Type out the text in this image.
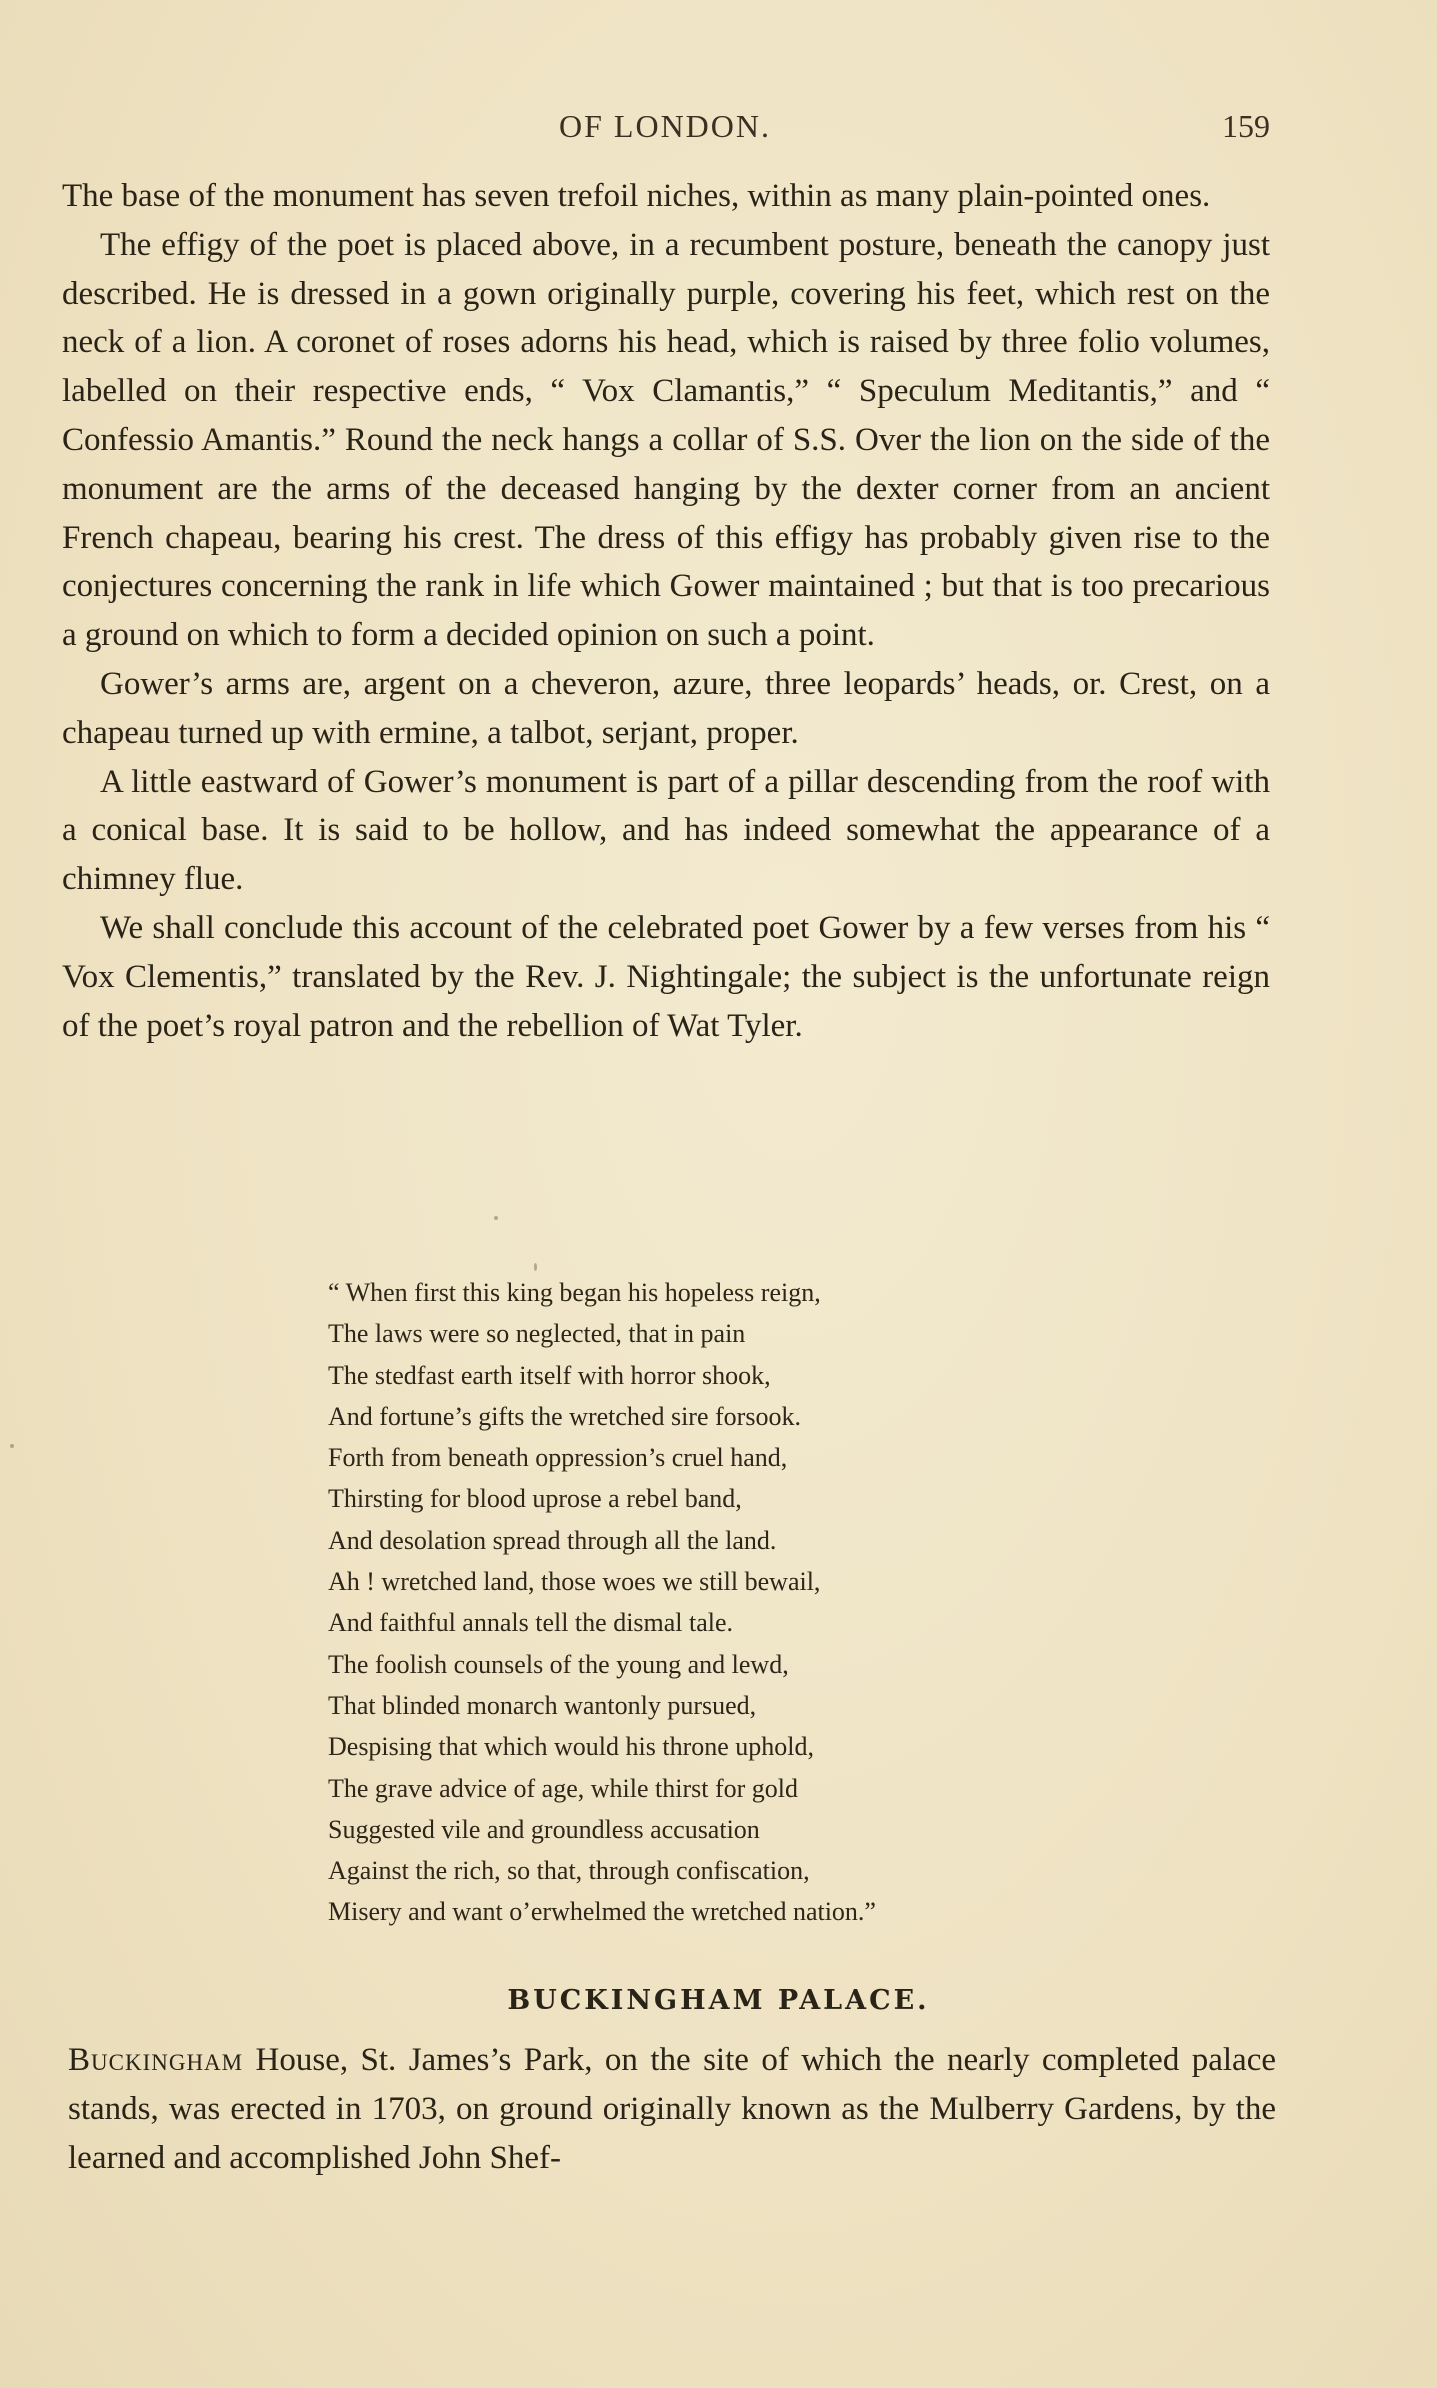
OF LONDON.	159

The base of the monument has seven trefoil niches, within as many plain-pointed ones.

The effigy of the poet is placed above, in a recumbent posture, beneath the canopy just described. He is dressed in a gown originally purple, covering his feet, which rest on the neck of a lion. A coronet of roses adorns his head, which is raised by three folio volumes, labelled on their respective ends, “ Vox Clamantis,” “ Speculum Meditantis,” and “ Confessio Amantis.” Round the neck hangs a collar of S.S. Over the lion on the side of the monument are the arms of the deceased hanging by the dexter corner from an ancient French chapeau, bearing his crest. The dress of this effigy has probably given rise to the conjectures concerning the rank in life which Gower maintained ; but that is too precarious a ground on which to form a decided opinion on such a point.

Gower’s arms are, argent on a cheveron, azure, three leopards’ heads, or. Crest, on a chapeau turned up with ermine, a talbot, serjant, proper.

A little eastward of Gower’s monument is part of a pillar descending from the roof with a conical base. It is said to be hollow, and has indeed somewhat the appearance of a chimney flue.

We shall conclude this account of the celebrated poet Gower by a few verses from his “ Vox Clementis,” translated by the Rev. J. Nightingale; the subject is the unfortunate reign of the poet’s royal patron and the rebellion of Wat Tyler.

“ When first this king began his hopeless reign,
The laws were so neglected, that in pain
The stedfast earth itself with horror shook,
And fortune’s gifts the wretched sire forsook.
Forth from beneath oppression’s cruel hand,
Thirsting for blood uprose a rebel band,
And desolation spread through all the land.
Ah ! wretched land, those woes we still bewail,
And faithful annals tell the dismal tale.
The foolish counsels of the young and lewd,
That blinded monarch wantonly pursued,
Despising that which would his throne uphold,
The grave advice of age, while thirst for gold
Suggested vile and groundless accusation
Against the rich, so that, through confiscation,
Misery and want o’erwhelmed the wretched nation.”
BUCKINGHAM PALACE.

Buckingham House, St. James’s Park, on the site of which the nearly completed palace stands, was erected in 1703, on ground originally known as the Mulberry Gardens, by the learned and accomplished John Shef-
